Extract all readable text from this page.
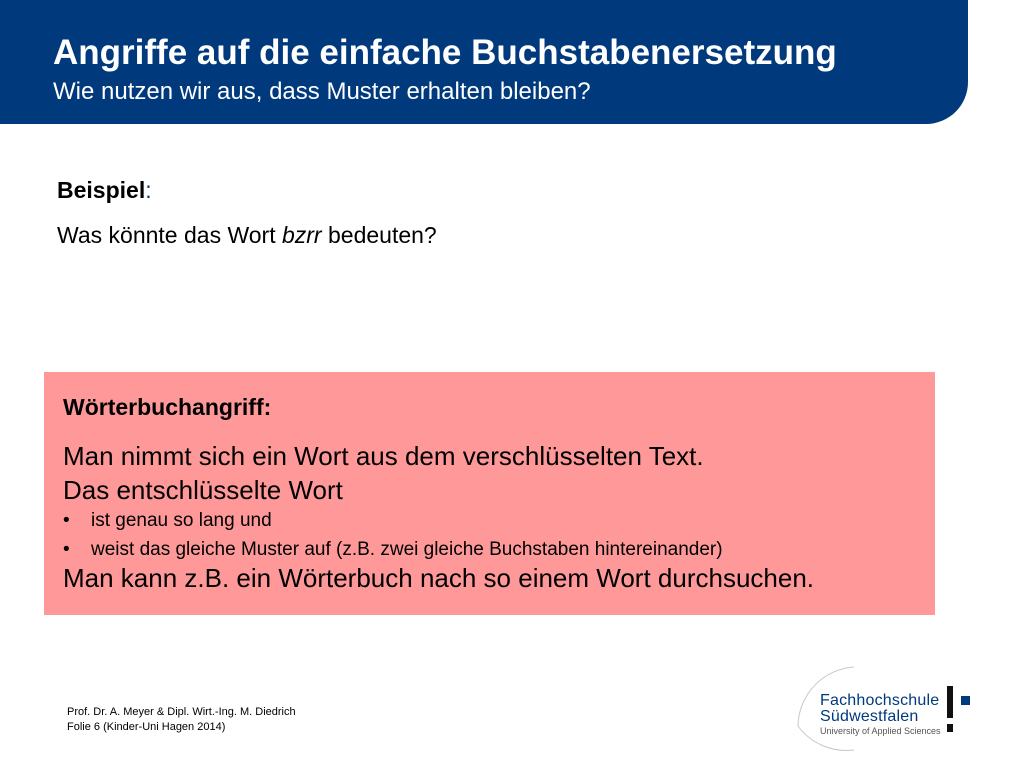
Angriffe auf die einfache Buchstabenersetzung
Wie nutzen wir aus, dass Muster erhalten bleiben?
Beispiel:
Was könnte das Wort bzrr bedeuten?
Wörterbuchangriff:
Man nimmt sich ein Wort aus dem verschlüsselten Text.
Das entschlüsselte Wort
• ist genau so lang und
• weist das gleiche Muster auf (z.B. zwei gleiche Buchstaben hintereinander)
Man kann z.B. ein Wörterbuch nach so einem Wort durchsuchen.
Prof. Dr. A. Meyer & Dipl. Wirt.-Ing. M. Diedrich
Folie 6 (Kinder-Uni Hagen 2014)
Fachhochschule
Südwestfalen
University of Applied Sciences
